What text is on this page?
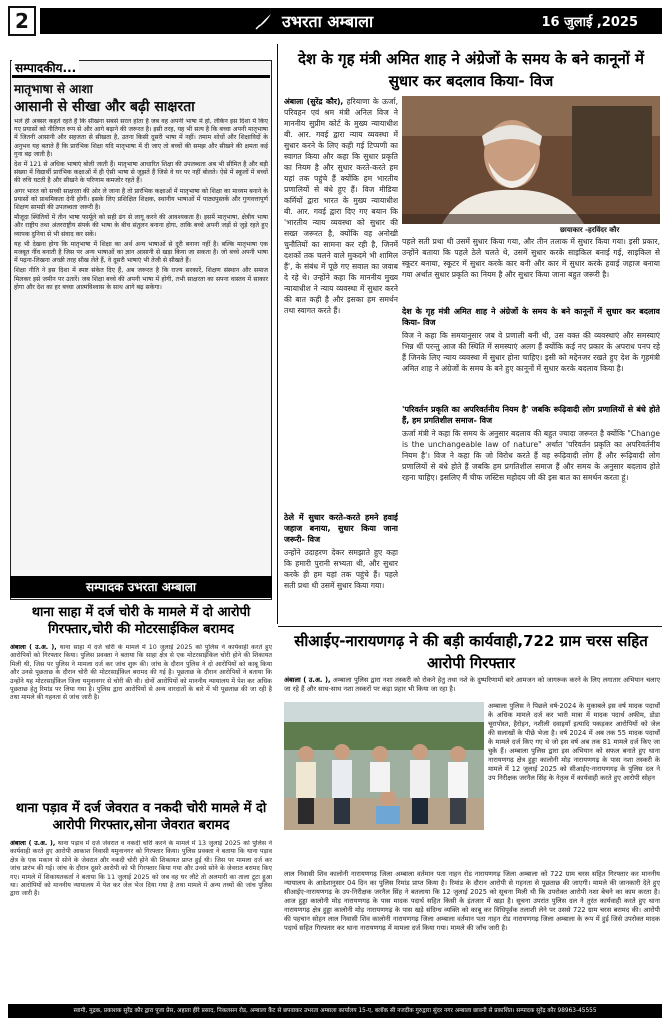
2	उभरता अम्बाला	16 जुलाई ,2025
सम्पादकीय...
मातृभाषा से आशा
आसानी से सीखा और बढ़ी साक्षरता

भले ही अक्सर कहते रहते हैं कि सीखना सबसे सरल होता है जब वह अपनी भाषा में हो, लेकिन इस दिशा में किए गए प्रयासों को नीतिगत रूप से और आगे बढ़ाने की जरूरत है। इसी तरह, यह भी सत्य है कि बच्चा अपनी मातृभाषा में जितनी आसानी और सहजता से सीखता है, उतना किसी दूसरी भाषा में नहीं। तमाम शोधों और शिक्षाविदों के अनुभव यह बताते हैं कि प्रारंभिक शिक्षा यदि मातृभाषा में दी जाए तो बच्चों की समझ और सीखने की क्षमता कई गुना बढ़ जाती है।

देश में 121 से अधिक भाषाएं बोली जाती हैं। मातृभाषा आधारित शिक्षा की उपलब्धता अब भी सीमित है और बड़ी संख्या में विद्यार्थी प्रारंभिक कक्षाओं में ही ऐसी भाषा से जूझते हैं जिसे वे घर पर नहीं बोलते। ऐसे में स्कूलों में बच्चों की रुचि घटती है और सीखने के परिणाम कमजोर रहते हैं।

अगर भारत को सच्ची साक्षरता की ओर ले जाना है तो प्रारंभिक कक्षाओं में मातृभाषा को शिक्षा का माध्यम बनाने के प्रयासों को प्राथमिकता देनी होगी। इसके लिए प्रशिक्षित शिक्षक, स्थानीय भाषाओं में पाठ्यपुस्तकें और गुणवत्तापूर्ण शिक्षण सामग्री की उपलब्धता जरूरी है।

मौजूदा स्थितियों में तीन भाषा फार्मूले को सही ढंग से लागू करने की आवश्यकता है। इसमें मातृभाषा, क्षेत्रीय भाषा और राष्ट्रीय तथा अंतरराष्ट्रीय संपर्क की भाषा के बीच संतुलन बनाना होगा, ताकि बच्चे अपनी जड़ों से जुड़े रहते हुए व्यापक दुनिया से भी संवाद कर सकें।

यह भी देखना होगा कि मातृभाषा में शिक्षा का अर्थ अन्य भाषाओं से दूरी बनाना नहीं है। बल्कि मातृभाषा एक मजबूत नींव बनाती है जिस पर अन्य भाषाओं का ज्ञान आसानी से खड़ा किया जा सकता है। जो बच्चे अपनी भाषा में पढ़ना-लिखना अच्छी तरह सीख लेते हैं, वे दूसरी भाषाएं भी तेजी से सीखते हैं।

शिक्षा नीति ने इस दिशा में स्पष्ट संकेत दिए हैं, अब जरूरत है कि राज्य सरकारें, शिक्षण संस्थान और समाज मिलकर इसे जमीन पर उतारें। जब शिक्षा बच्चे की अपनी भाषा में होगी, तभी साक्षरता का सपना वास्तव में साकार होगा और देश का हर बच्चा आत्मविश्वास के साथ आगे बढ़ सकेगा।

सम्पादक उभरता अम्बाला
थाना साहा में दर्ज चोरी के मामले में दो आरोपी गिरफ्तार,चोरी की मोटरसाईकिल बरामद
अंबाला ( उ.अ. ), थाना साहा में दर्ज चोरी के मामले में 10 जुलाई 2025 को पुलिस ने कार्यवाही करते हुए आरोपियों को गिरफ्तार किया। पुलिस प्रवक्ता ने बताया कि साहा क्षेत्र से एक मोटरसाईकिल चोरी होने की शिकायत मिली थी, जिस पर पुलिस ने मामला दर्ज कर जांच शुरू की। जांच के दौरान पुलिस ने दो आरोपियों को काबू किया और उनसे पूछताछ के दौरान चोरी की मोटरसाईकिल बरामद की गई है। पूछताछ के दौरान आरोपियों ने बताया कि उन्होंने यह मोटरसाईकिल जिला यमुनानगर से चोरी की थी। दोनों आरोपियों को माननीय न्यायालय में पेश कर अधिक पूछताछ हेतु रिमांड पर लिया गया है। पुलिस द्वारा आरोपियों से अन्य वारदातों के बारे में भी पूछताछ की जा रही है तथा मामले की गहनता से जांच जारी है।
थाना पड़ाव में दर्ज जेवरात व नकदी चोरी मामले में दो आरोपी गिरफ्तार,सोना जेवरात बरामद
अंबाला ( उ.अ. ), थाना पड़ाव में दर्ज जेवरात व नकदी चोरी करने के मामले में 13 जुलाई 2025 को पुलिस ने कार्यवाही करते हुए आरोपी आकाश निवासी यमुनानगर को गिरफ्तार किया। पुलिस प्रवक्ता ने बताया कि थाना पड़ाव क्षेत्र के एक मकान से सोने के जेवरात और नकदी चोरी होने की शिकायत प्राप्त हुई थी। जिस पर मामला दर्ज कर जांच प्रारंभ की गई। जांच के दौरान दूसरे आरोपी को भी गिरफ्तार किया गया और उनसे सोने के जेवरात बरामद किए गए। मामले में शिकायतकर्ता ने बताया कि 11 जुलाई 2025 को जब वह घर लौटे तो अलमारी का ताला टूटा हुआ था। आरोपियों को माननीय न्यायालय में पेश कर जेल भेज दिया गया है तथा मामले में अन्य तथ्यों की जांच पुलिस द्वारा जारी है।
देश के गृह मंत्री अमित शाह ने अंग्रेजों के समय के बने कानूनों में सुधार कर बदलाव किया- विज
अंबाला (सुरेंद्र कौर), हरियाणा के ऊर्जा, परिवहन एवं श्रम मंत्री अनिल विज ने माननीय सुप्रीम कोर्ट के मुख्य न्यायाधीश बी. आर. गवई द्वारा न्याय व्यवस्था में सुधार करने के लिए कही गई टिप्पणी का स्वागत किया और कहा कि सुधार प्रकृति का नियम है और सुधार करते-करते हम यहां तक पहुंचे हैं क्योंकि हम भारतीय प्रणालियों से बंधे हुए हैं। विज मीडिया कर्मियों द्वारा भारत के मुख्य न्यायाधीश बी. आर. गवई द्वारा दिए गए बयान कि 'भारतीय न्याय व्यवस्था को सुधार की सख्त जरूरत है, क्योंकि वह अनोखी चुनौतियों का सामना कर रही है, जिनमें दशकों तक चलने वाले मुकदमे भी शामिल हैं', के संबंध में पूछे गए सवाल का जवाब दे रहे थे। उन्होंने कहा कि माननीय मुख्य न्यायाधीश ने न्याय व्यवस्था में सुधार करने की बात कही है और इसका हम समर्थन तथा स्वागत करते हैं।
ठेले में सुधार करते-करते हमने हवाई जहाज बनाया, सुधार किया जाना जरूरी- विज
उन्होंने उदाहरण देकर समझाते हुए कहा कि हमारी पुरानी सभ्यता थी, और सुधार करके ही हम यहां तक पहुंचे हैं। पहले सती प्रथा थी उसमें सुधार किया गया।
छायाकार -हरविंदर कौर
पहले सती प्रथा थी उसमें सुधार किया गया, और तीन तलाक में सुधार किया गया। इसी प्रकार, उन्होंने बताया कि पहले ठेले चलते थे, उसमें सुधार करके साइकिल बनाई गई, साइकिल से स्कूटर बनाया, स्कूटर में सुधार करके कार बनी और कार में सुधार करके हवाई जहाज बनाया गया अर्थात सुधार प्रकृति का नियम है और सुधार किया जाना बहुत जरूरी है।
देश के गृह मंत्री अमित शाह ने अंग्रेजों के समय के बने कानूनों में सुधार कर बदलाव किया- विज
विज ने कहा कि समयानुसार जब वे प्रणाली बनी थी, उस वक्त की व्यवस्थाएं और समस्याएं भिन्न थीं परन्तु आज की स्थिति में समस्याएं अलग हैं क्योंकि कई नए प्रकार के अपराध पनप रहे हैं जिनके लिए न्याय व्यवस्था में सुधार होना चाहिए। इसी को मद्देनजर रखते हुए देश के गृहमंत्री अमित शाह ने अंग्रेजों के समय के बने हुए कानूनों में सुधार करके बदलाव किया है।
'परिवर्तन प्रकृति का अपरिवर्तनीय नियम है' जबकि रूढ़िवादी लोग प्रणालियों से बंधे होते हैं, हम प्रगतिशील समाज- विज
ऊर्जा मंत्री ने कहा कि समय के अनुसार बदलाव की बहुत ज्यादा जरूरत है क्योंकि "Change is the unchangeable law of nature" अर्थात 'परिवर्तन प्रकृति का अपरिवर्तनीय नियम है'। विज ने कहा कि जो विरोध करते हैं वह रूढ़िवादी लोग हैं और रूढ़िवादी लोग प्रणालियों से बंधे होते हैं जबकि हम प्रगतिशील समाज हैं और समय के अनुसार बदलाव होते रहना चाहिए। इसलिए मैं चीफ जस्टिस महोदय जी की इस बात का समर्थन करता हूं।
सीआईए-नारायणगढ़ ने की बड़ी कार्यवाही,722 ग्राम चरस सहित आरोपी गिरफ्तार
अंबाला ( उ.अ. ), अम्बाला पुलिस द्वारा नशा तस्करी को रोकने हेतु तथा नशे के दुष्परिणामों बारे आमजन को जागरूक करने के लिए लगातार अभियान चलाए जा रहे हैं और साथ-साथ नशा तस्करों पर कड़ा प्रहार भी किया जा रहा है।
अम्बाला पुलिस ने पिछले वर्ष-2024 के मुकाबले इस वर्ष मादक पदार्थों के अधिक मामले दर्ज कर भारी मात्रा में मादक पदार्थ अफीम, डोडा चूरापोस्त, हैरोइन, नशीली दवाइयाँ इत्यादि पकड़कर आरोपियों को जेल की सलाखों के पीछे भेजा है। वर्ष 2024 में अब तक 55 मादक पदार्थों के मामले दर्ज किए गए थे जो इस वर्ष अब तक 81 मामले दर्ज किए जा चुके हैं। अम्बाला पुलिस द्वारा इस अभियान को सफल बनाते हुए थाना नारायणगढ़ क्षेत्र हुड्डा कालोनी मोड़ नारायणगढ़ के पास नशा तस्करी के मामले में 12 जुलाई 2025 को सीआईए-नारायणगढ़ के पुलिस दल ने उप निरीक्षक जरनैल सिंह के नेतृत्व में कार्यवाही करते हुए आरोपी सोहन
लाल निवासी शिव कालोनी नारायणगढ़ जिला अम्बाला वर्तमान पता नाहन रोड नारायणगढ़ जिला अम्बाला को 722 ग्राम चरस सहित गिरफ्तार कर माननीय न्यायालय के आदेशानुसार 04 दिन का पुलिस रिमांड प्राप्त किया है। रिमांड के दौरान आरोपी से गहनता से पूछताछ की जाएगी। मामले की जानकारी देते हुए सीआईए-नारायणगढ़ के उप-निरीक्षक जरनैल सिंह ने बतलाया कि 12 जुलाई 2025 को सूचना मिली थी कि उपरोक्त आरोपी नशा बेचने का काम करता है। आज हुड्डा कालोनी मोड़ नारायणगढ़ के पास मादक पदार्थ सहित किसी के इंतजार में खड़ा है। सूचना उपरांत पुलिस दल ने तुरंत कार्यवाही करते हुए थाना नारायणगढ़ क्षेत्र हुड्डा कालोनी मोड़ नारायणगढ़ के पास खड़े संदिग्ध व्यक्ति को काबू कर विधिपूर्वक तलाशी लेने पर उससे 722 ग्राम चरस बरामद की। आरोपी की पहचान सोहन लाल निवासी शिव कालोनी नारायणगढ़ जिला अम्बाला वर्तमान पता नाहन रोड नारायणगढ़ जिला अम्बाला के रूप में हुई जिसे उपरोक्त मादक पदार्थ सहित गिरफ्तार कर थाना नारायणगढ़ में मामला दर्ज किया गया। मामले की जाँच जारी है।
स्वामी, मुद्रक, प्रकाशक सुरेंद्र कौर द्वारा पूजा प्रेस, अहाता हीरे प्रसाद, निकलसन रोड, अम्बाला कैंट से छपवाकर उभरता अम्बाला कार्यालय 15-ए, बलॉक सी नजदीक गुरुद्वारा सुंदर नगर अम्बाला छावनी से प्रकाशित। सम्पादक सुरेंद्र कौर 98963-45555
